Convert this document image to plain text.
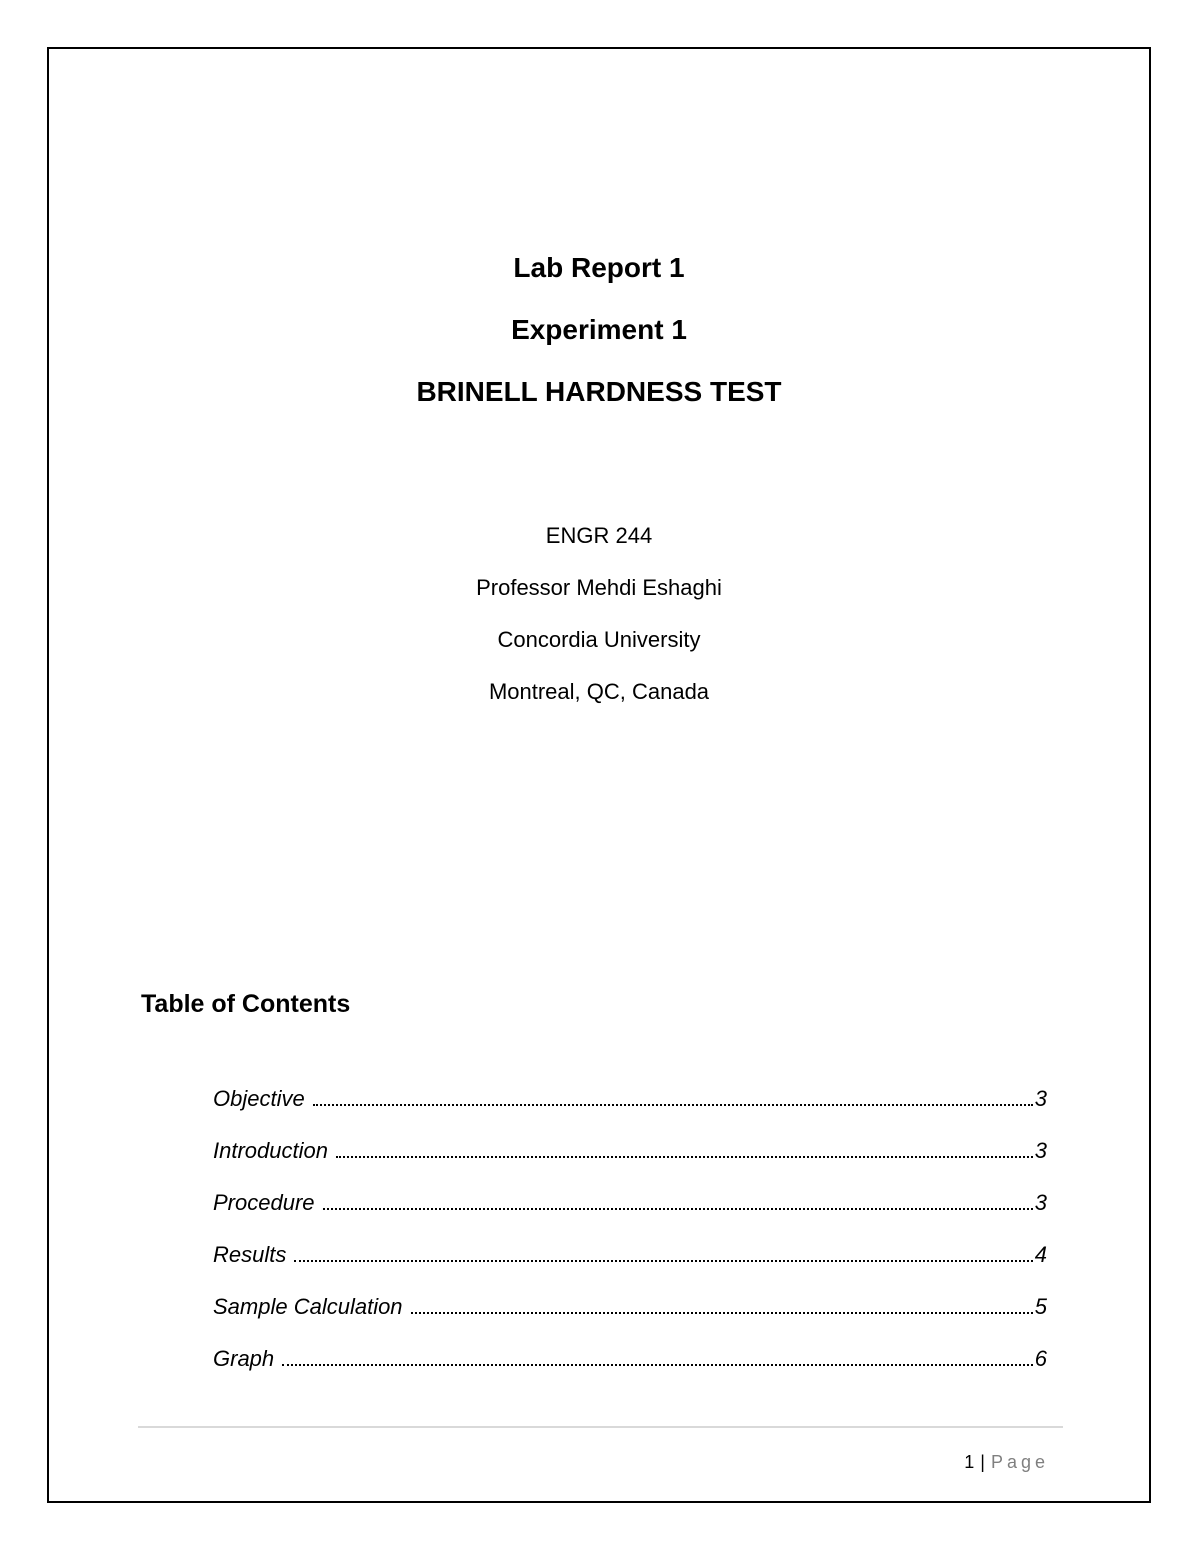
Lab Report 1
Experiment 1
BRINELL HARDNESS TEST
ENGR 244
Professor Mehdi Eshaghi
Concordia University
Montreal, QC, Canada
Table of Contents
Objective	3
Introduction	3
Procedure	3
Results	4
Sample Calculation	5
Graph	6
1 | Page
